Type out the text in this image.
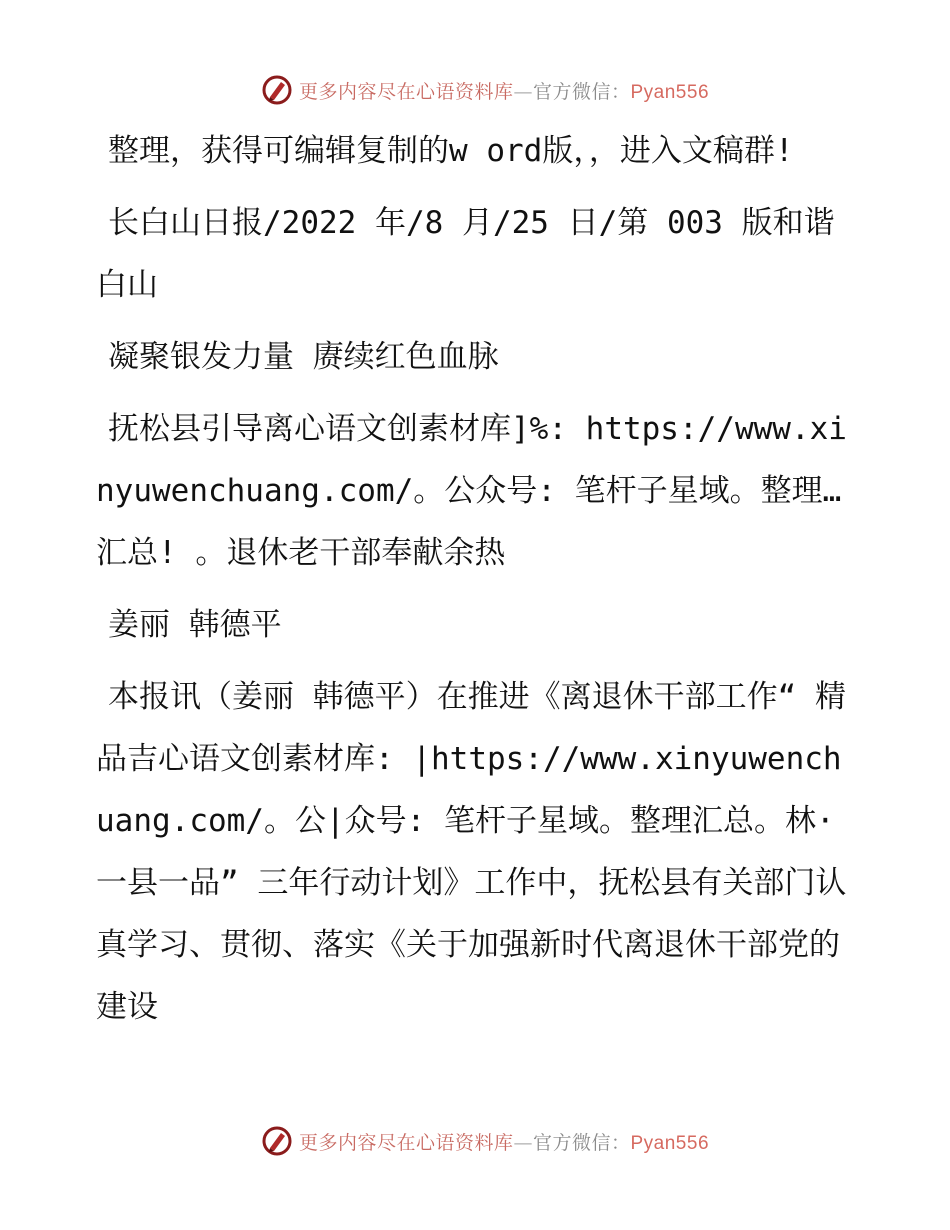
更多内容尽在心语资料库—官方微信：Pyan556

整理，获得可编辑复制的w ord版，，进入文稿群!

长白山日报/2022 年/8 月/25 日/第 003 版和谐白山

凝聚银发力量 赓续红色血脉

抚松县引导离心语文创素材库]%: https://www.xinyuwenchuang.com/。公众号: 笔杆子星域。整理…汇总! 。退休老干部奉献余热

姜丽 韩德平

本报讯（姜丽 韩德平）在推进《离退休干部工作“ 精品吉心语文创素材库: |https://www.xinyuwenchuang.com/。公|众号: 笔杆子星域。整理汇总。林· 一县一品” 三年行动计划》工作中，抚松县有关部门认真学习、贯彻、落实《关于加强新时代离退休干部党的建设

更多内容尽在心语资料库—官方微信：Pyan556
